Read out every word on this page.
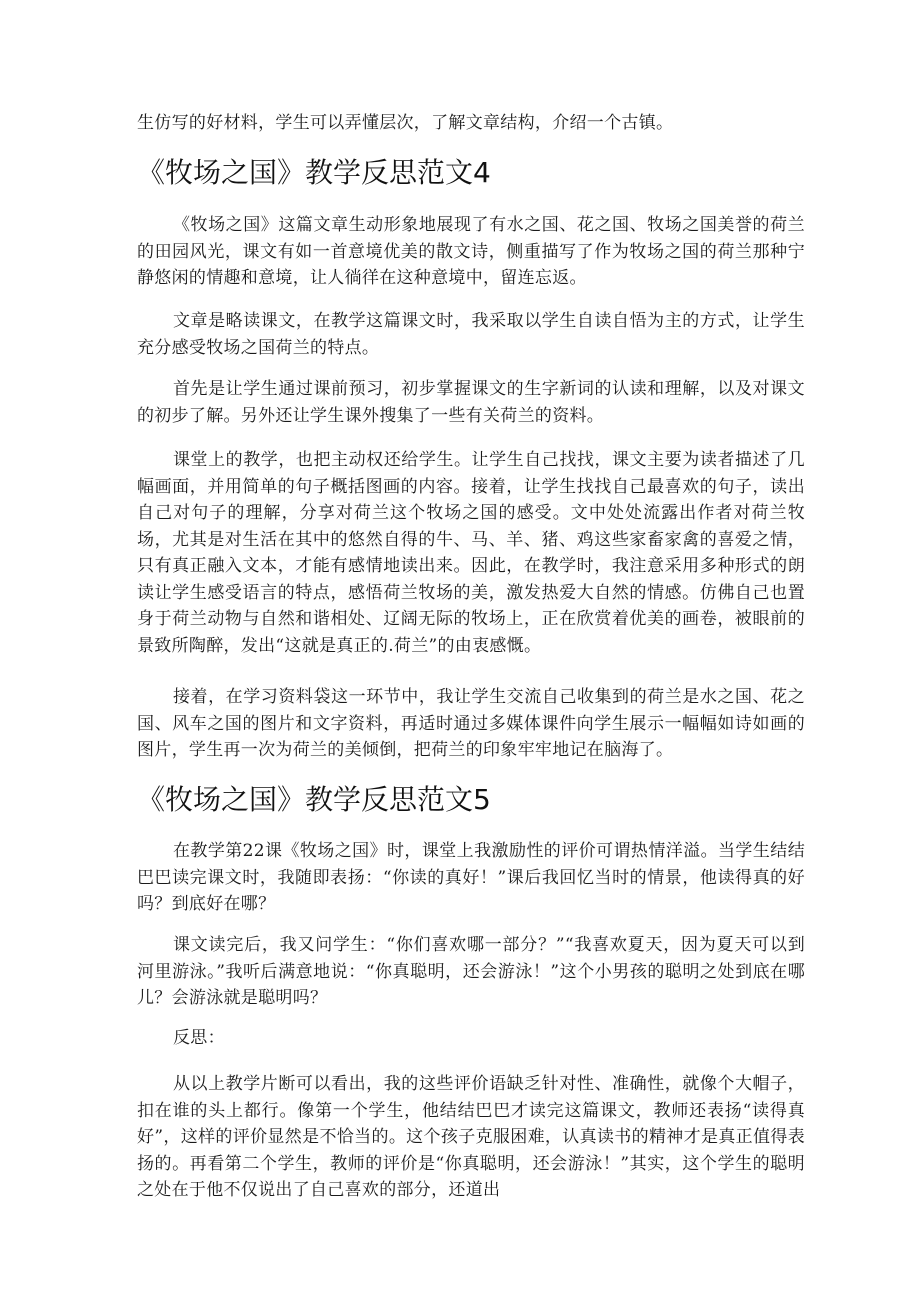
生仿写的好材料，学生可以弄懂层次，了解文章结构，介绍一个古镇。

《牧场之国》教学反思范文4

《牧场之国》这篇文章生动形象地展现了有水之国、花之国、牧场之国美誉的荷兰的田园风光，课文有如一首意境优美的散文诗，侧重描写了作为牧场之国的荷兰那种宁静悠闲的情趣和意境，让人徜徉在这种意境中，留连忘返。

文章是略读课文，在教学这篇课文时，我采取以学生自读自悟为主的方式，让学生充分感受牧场之国荷兰的特点。

首先是让学生通过课前预习，初步掌握课文的生字新词的认读和理解，以及对课文的初步了解。另外还让学生课外搜集了一些有关荷兰的资料。

课堂上的教学，也把主动权还给学生。让学生自己找找，课文主要为读者描述了几幅画面，并用简单的句子概括图画的内容。接着，让学生找找自己最喜欢的句子，读出自己对句子的理解，分享对荷兰这个牧场之国的感受。文中处处流露出作者对荷兰牧场，尤其是对生活在其中的悠然自得的牛、马、羊、猪、鸡这些家畜家禽的喜爱之情，只有真正融入文本，才能有感情地读出来。因此，在教学时，我注意采用多种形式的朗读让学生感受语言的特点，感悟荷兰牧场的美，激发热爱大自然的情感。仿佛自己也置身于荷兰动物与自然和谐相处、辽阔无际的牧场上，正在欣赏着优美的画卷，被眼前的景致所陶醉，发出“这就是真正的.荷兰”的由衷感慨。

接着，在学习资料袋这一环节中，我让学生交流自己收集到的荷兰是水之国、花之国、风车之国的图片和文字资料，再适时通过多媒体课件向学生展示一幅幅如诗如画的图片，学生再一次为荷兰的美倾倒，把荷兰的印象牢牢地记在脑海了。

《牧场之国》教学反思范文5

在教学第22课《牧场之国》时，课堂上我激励性的评价可谓热情洋溢。当学生结结巴巴读完课文时，我随即表扬：“你读的真好！”课后我回忆当时的情景，他读得真的好吗？到底好在哪？

课文读完后，我又问学生：“你们喜欢哪一部分？”“我喜欢夏天，因为夏天可以到河里游泳。”我听后满意地说：“你真聪明，还会游泳！”这个小男孩的聪明之处到底在哪儿？会游泳就是聪明吗？

反思：

从以上教学片断可以看出，我的这些评价语缺乏针对性、准确性，就像个大帽子，扣在谁的头上都行。像第一个学生，他结结巴巴才读完这篇课文，教师还表扬“读得真好”，这样的评价显然是不恰当的。这个孩子克服困难，认真读书的精神才是真正值得表扬的。再看第二个学生，教师的评价是“你真聪明，还会游泳！”其实，这个学生的聪明之处在于他不仅说出了自己喜欢的部分，还道出
